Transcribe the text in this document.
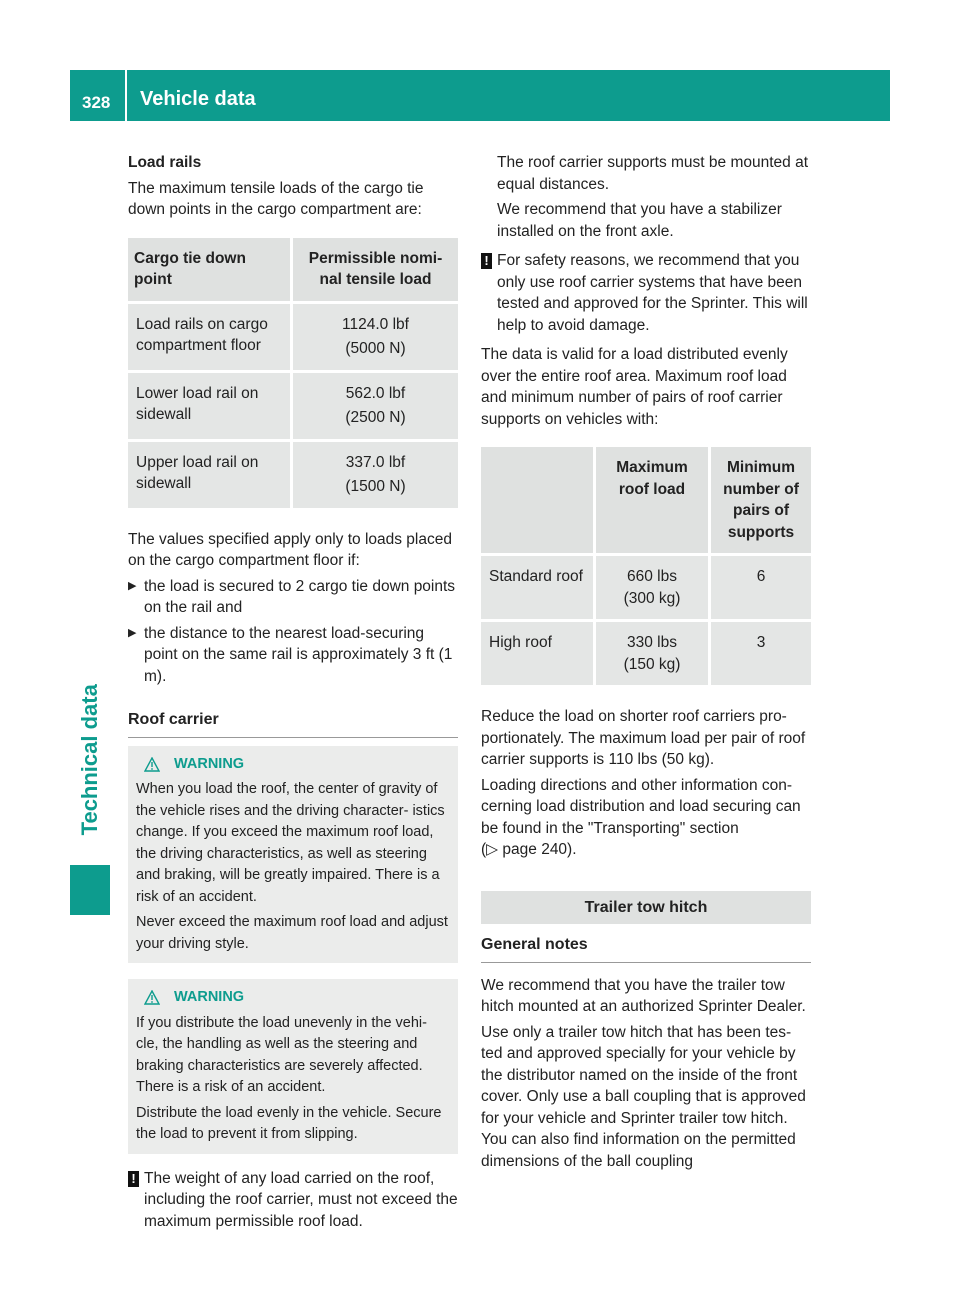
328 Vehicle data
Technical data

Load rails

The maximum tensile loads of the cargo tie down points in the cargo compartment are:

Cargo tie down point	Permissible nomi- nal tensile load
Load rails on cargo compartment floor	1124.0 lbf
(5000 N)

Lower load rail on sidewall	562.0 lbf
(2500 N)

Upper load rail on sidewall	337.0 lbf
(1500 N)

The values specified apply only to loads placed on the cargo compartment floor if:

▶ the load is secured to 2 cargo tie down points on the rail and
▶ the distance to the nearest load-securing point on the same rail is approximately 3 ft (1 m).
Roof carrier
WARNING

When you load the roof, the center of gravity of the vehicle rises and the driving character- istics change. If you exceed the maximum roof load, the driving characteristics, as well as steering and braking, will be greatly impaired. There is a risk of an accident.

Never exceed the maximum roof load and adjust your driving style.

WARNING

If you distribute the load unevenly in the vehi- cle, the handling as well as the steering and braking characteristics are severely affected. There is a risk of an accident.

Distribute the load evenly in the vehicle. Secure the load to prevent it from slipping.

! The weight of any load carried on the roof, including the roof carrier, must not exceed the maximum permissible roof load.

The roof carrier supports must be mounted at equal distances.

We recommend that you have a stabilizer installed on the front axle.

! For safety reasons, we recommend that you only use roof carrier systems that have been tested and approved for the Sprinter. This will help to avoid damage.

The data is valid for a load distributed evenly over the entire roof area. Maximum roof load and minimum number of pairs of roof carrier supports on vehicles with:

	Maximum roof load	Minimum number of pairs of supports
Standard roof	660 lbs
(300 kg)	6
High roof	330 lbs
(150 kg)	3

Reduce the load on shorter roof carriers pro- portionately. The maximum load per pair of roof carrier supports is 110 lbs (50 kg).

Loading directions and other information con- cerning load distribution and load securing can be found in the "Transporting" section
(▷ page 240).

Trailer tow hitch
General notes

We recommend that you have the trailer tow hitch mounted at an authorized Sprinter Dealer.

Use only a trailer tow hitch that has been tes- ted and approved specially for your vehicle by the distributor named on the inside of the front cover. Only use a ball coupling that is approved for your vehicle and Sprinter trailer tow hitch. You can also find information on the permitted dimensions of the ball coupling
